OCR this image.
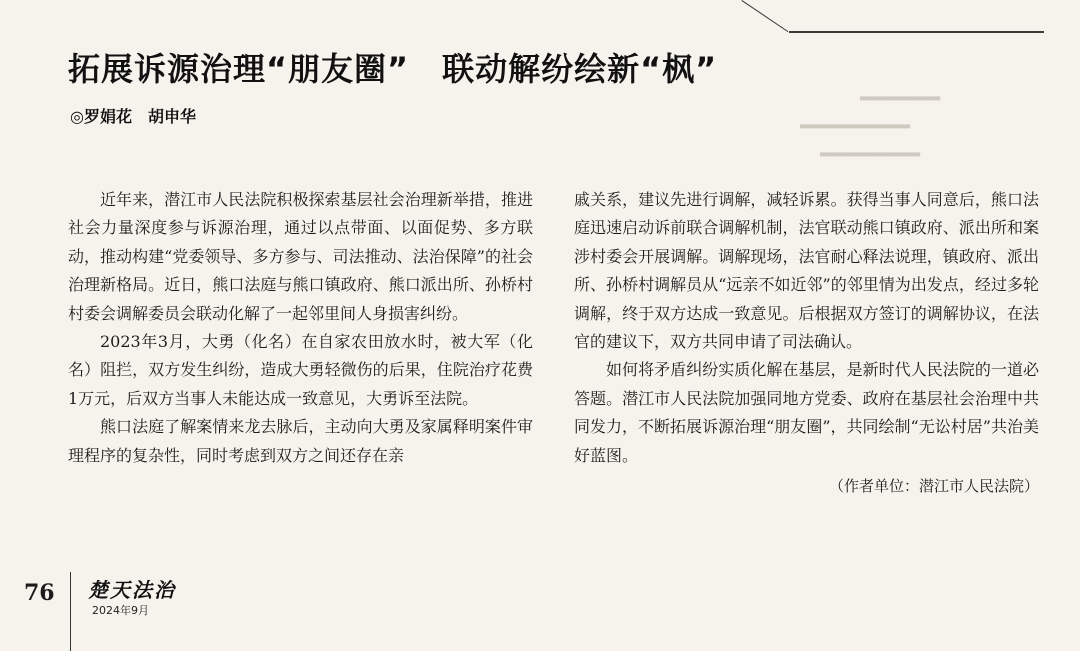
▂▂▂▂▂▂▂▂
▂▂▂▂▂▂▂▂▂▂▂
▂▂▂▂▂▂▂▂▂▂
拓展诉源治理“朋友圈”　联动解纷绘新“枫”
◎罗娟花　胡申华

近年来，潜江市人民法院积极探索基层社会治理新举措，推进社会力量深度参与诉源治理，通过以点带面、以面促势、多方联动，推动构建“党委领导、多方参与、司法推动、法治保障”的社会治理新格局。近日，熊口法庭与熊口镇政府、熊口派出所、孙桥村村委会调解委员会联动化解了一起邻里间人身损害纠纷。

2023年3月，大勇（化名）在自家农田放水时，被大军（化名）阻拦，双方发生纠纷，造成大勇轻微伤的后果，住院治疗花费1万元，后双方当事人未能达成一致意见，大勇诉至法院。

熊口法庭了解案情来龙去脉后，主动向大勇及家属释明案件审理程序的复杂性，同时考虑到双方之间还存在亲

戚关系，建议先进行调解，减轻诉累。获得当事人同意后，熊口法庭迅速启动诉前联合调解机制，法官联动熊口镇政府、派出所和案涉村委会开展调解。调解现场，法官耐心释法说理，镇政府、派出所、孙桥村调解员从“远亲不如近邻”的邻里情为出发点，经过多轮调解，终于双方达成一致意见。后根据双方签订的调解协议，在法官的建议下，双方共同申请了司法确认。

如何将矛盾纠纷实质化解在基层，是新时代人民法院的一道必答题。潜江市人民法院加强同地方党委、政府在基层社会治理中共同发力，不断拓展诉源治理“朋友圈”，共同绘制“无讼村居”共治美好蓝图。

（作者单位：潜江市人民法院）

76 楚天法治
2024年9月
